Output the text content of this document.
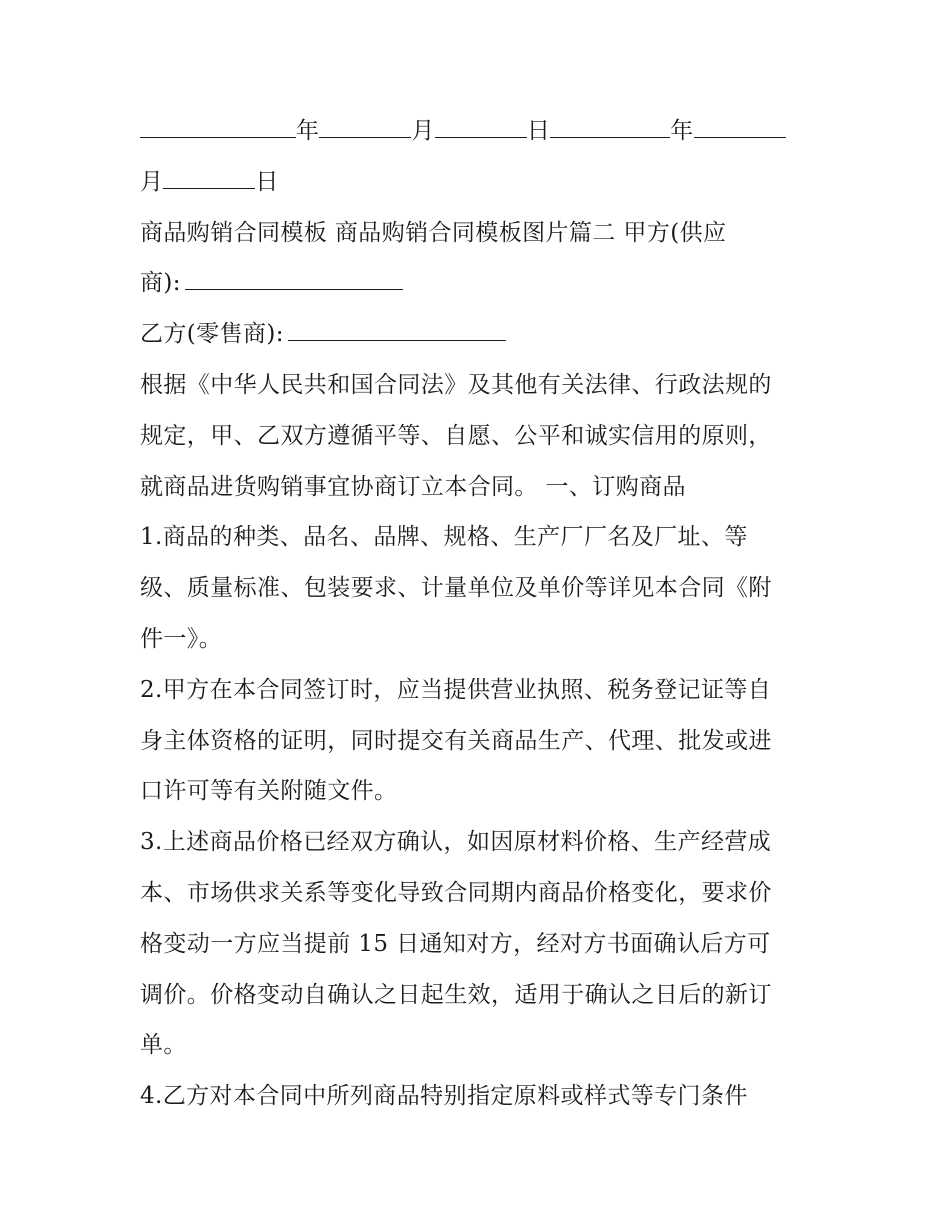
年	月	日	年
月	日
商品购销合同模板 商品购销合同模板图片篇二 甲方(供应
商):
乙方(零售商):
根据《中华人民共和国合同法》及其他有关法律、行政法规的
规定，甲、乙双方遵循平等、自愿、公平和诚实信用的原则，
就商品进货购销事宜协商订立本合同。 一、订购商品
1.商品的种类、品名、品牌、规格、生产厂厂名及厂址、等
级、质量标准、包装要求、计量单位及单价等详见本合同《附
件一》。
2.甲方在本合同签订时，应当提供营业执照、税务登记证等自
身主体资格的证明，同时提交有关商品生产、代理、批发或进
口许可等有关附随文件。
3.上述商品价格已经双方确认，如因原材料价格、生产经营成
本、市场供求关系等变化导致合同期内商品价格变化，要求价
格变动一方应当提前 15 日通知对方，经对方书面确认后方可
调价。价格变动自确认之日起生效，适用于确认之日后的新订
单。
4.乙方对本合同中所列商品特别指定原料或样式等专门条件
